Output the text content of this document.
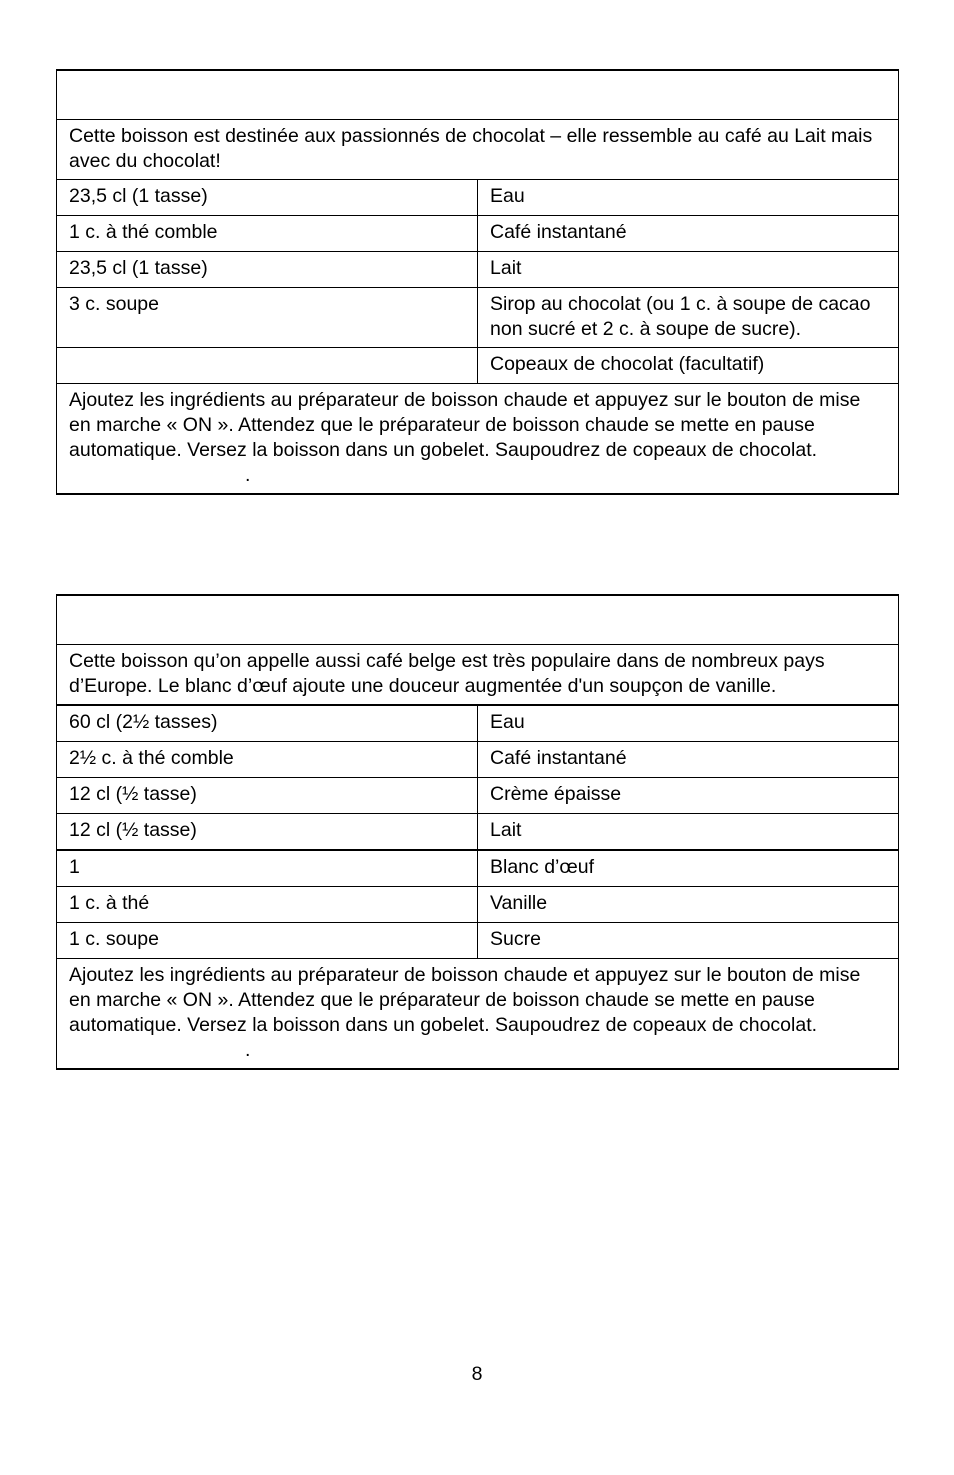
Cette boisson est destinée aux passionnés de chocolat – elle ressemble au café au Lait mais avec du chocolat!	
23,5 cl (1 tasse)	Eau
1 c. à thé comble	Café instantané
23,5 cl (1 tasse)	Lait
3 c. soupe	Sirop au chocolat (ou 1 c. à soupe de cacao non sucré et 2 c. à soupe de sucre).
	Copeaux de chocolat (facultatif)
Ajoutez les ingrédients au préparateur de boisson chaude et appuyez sur le bouton de mise en marche « ON ». Attendez que le préparateur de boisson chaude se mette en pause automatique. Versez la boisson dans un gobelet. Saupoudrez de copeaux de chocolat..	

Cette boisson qu’on appelle aussi café belge est très populaire dans de nombreux pays d’Europe. Le blanc d’œuf ajoute une douceur augmentée d'un soupçon de vanille.	
60 cl (2½ tasses)	Eau
2½ c. à thé comble	Café instantané
12 cl (½ tasse)	Crème épaisse
12 cl (½ tasse)	Lait
1	Blanc d’œuf
1 c. à thé	Vanille
1 c. soupe	Sucre
Ajoutez les ingrédients au préparateur de boisson chaude et appuyez sur le bouton de mise en marche « ON ». Attendez que le préparateur de boisson chaude se mette en pause automatique. Versez la boisson dans un gobelet. Saupoudrez de copeaux de chocolat..	
8
